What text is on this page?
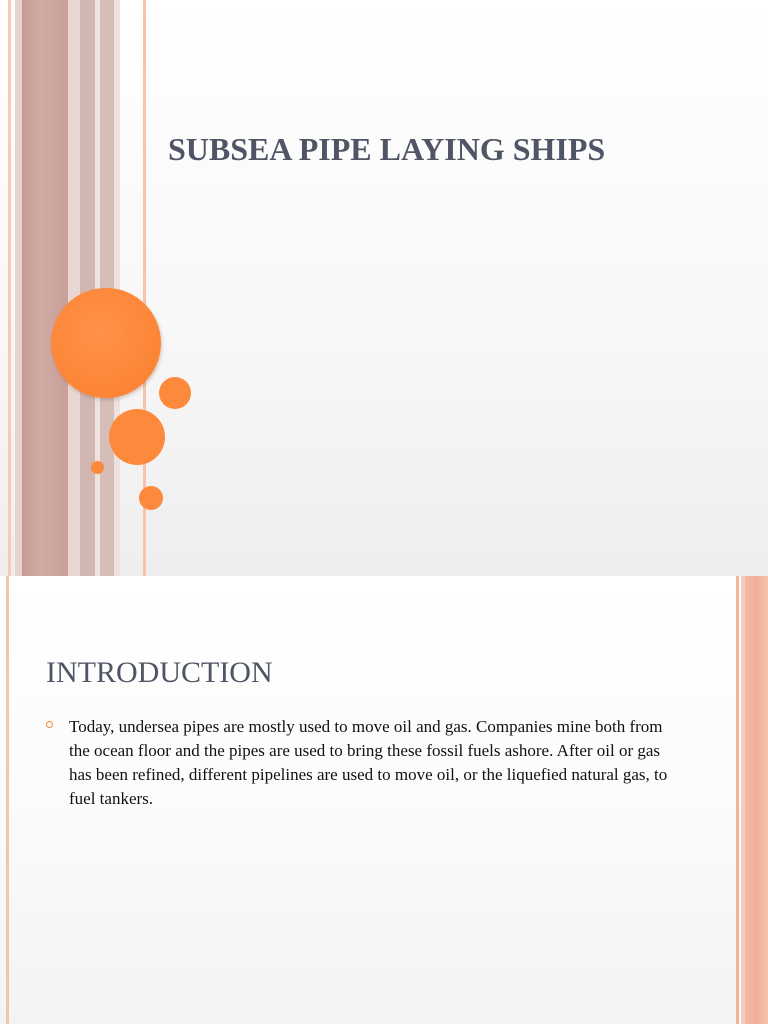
SUBSEA PIPE LAYING SHIPS
INTRODUCTION

Today, undersea pipes are mostly used to move oil and gas. Companies mine both from the ocean floor and the pipes are used to bring these fossil fuels ashore. After oil or gas has been refined, different pipelines are used to move oil, or the liquefied natural gas, to fuel tankers.
